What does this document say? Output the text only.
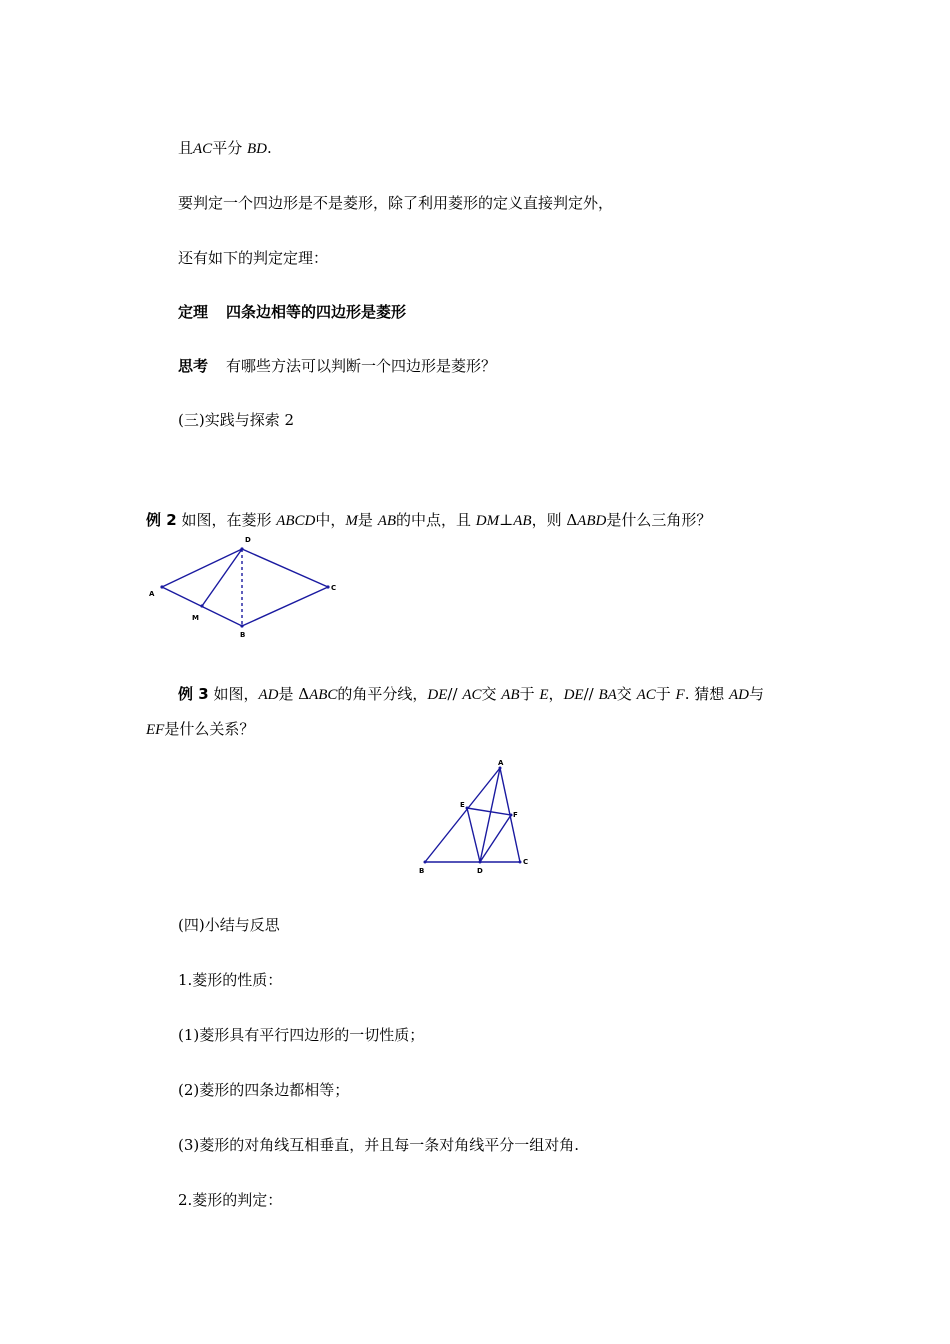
且AC平分 BD.
要判定一个四边形是不是菱形，除了利用菱形的定义直接判定外，
还有如下的判定定理：
定理 四条边相等的四边形是菱形
思考 有哪些方法可以判断一个四边形是菱形？
(三)实践与探索 2
例 2 如图，在菱形 ABCD中，M是 AB的中点，且 DM⊥AB，则 ΔABD是什么三角形？
A
D
C
B
M
例 3 如图，AD是 ΔABC的角平分线，DE// AC交 AB于 E，DE// BA交 AC于 F. 猜想 AD与
EF是什么关系？
A
B
C
D
E
F
(四)小结与反思
1.菱形的性质：
(1)菱形具有平行四边形的一切性质；
(2)菱形的四条边都相等；
(3)菱形的对角线互相垂直，并且每一条对角线平分一组对角.
2.菱形的判定：
